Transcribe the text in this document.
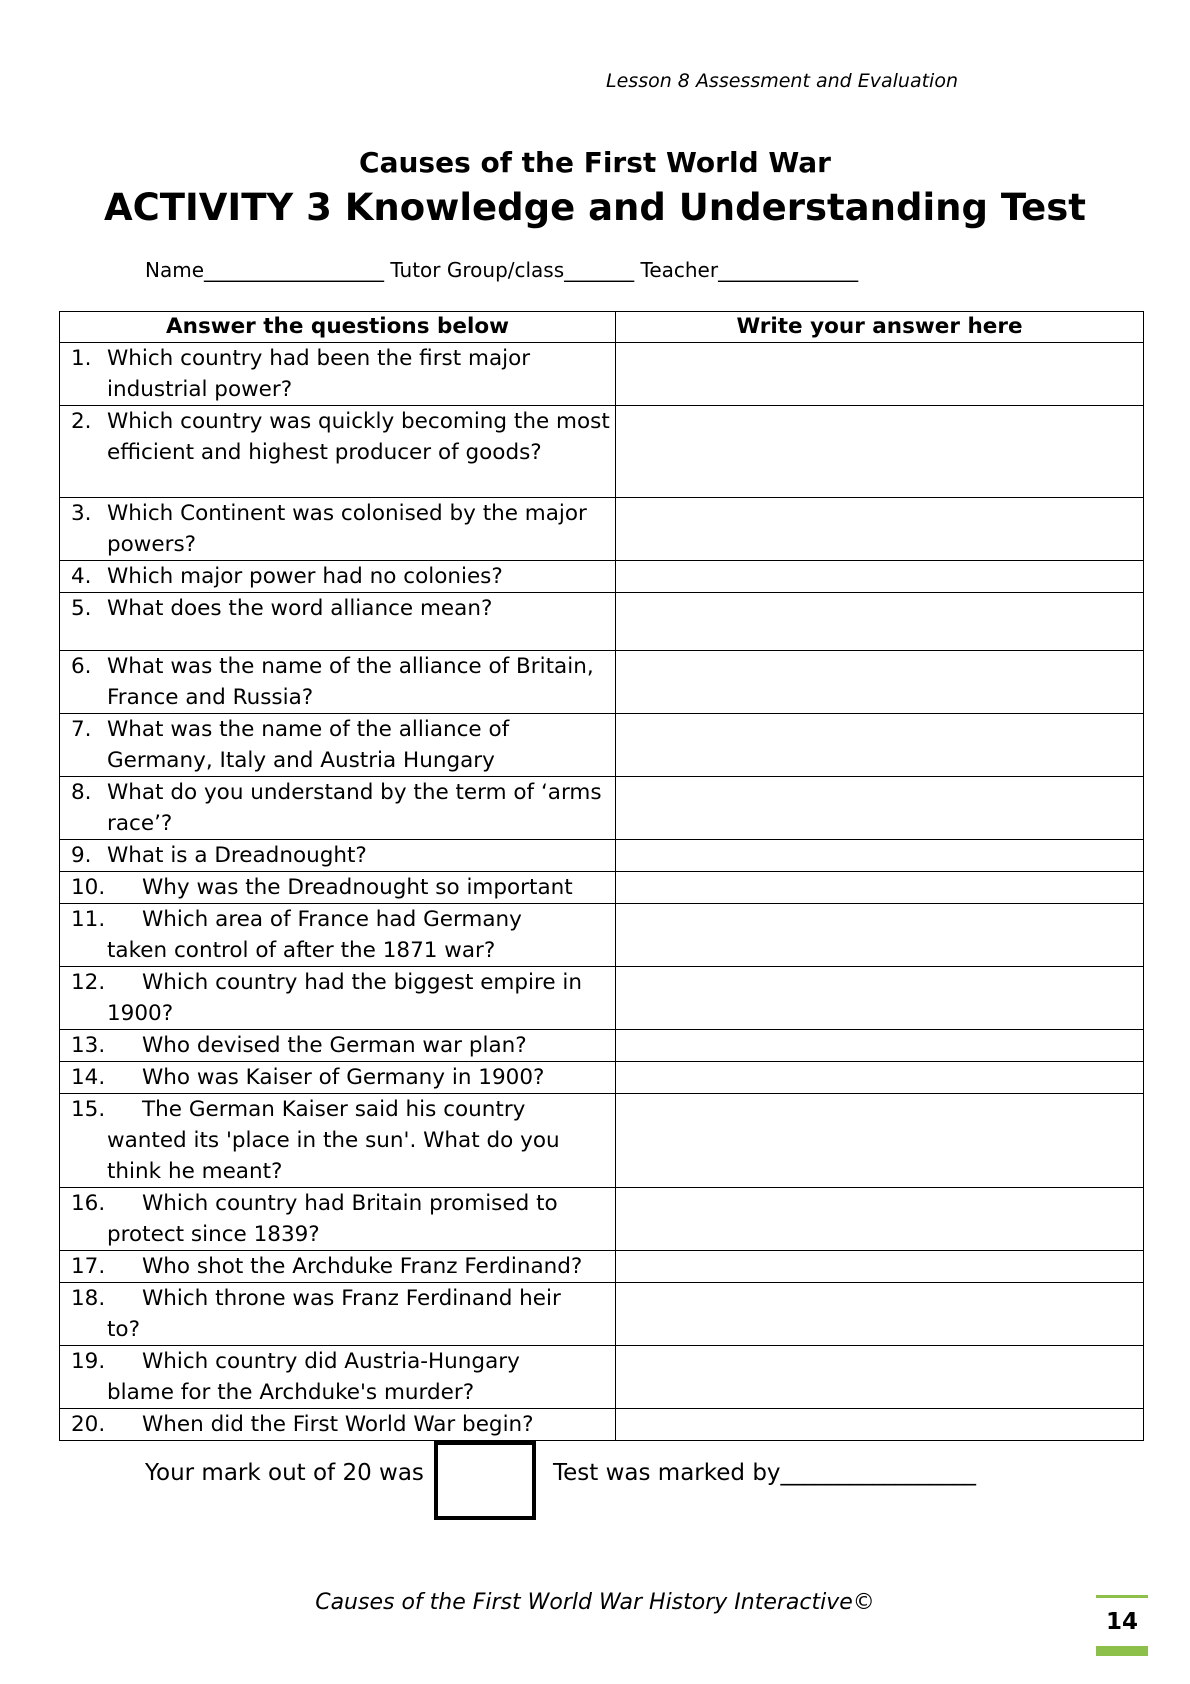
Lesson 8 Assessment and Evaluation
Causes of the First World War
ACTIVITY 3 Knowledge and Understanding Test
Name__________________ Tutor Group/class_______ Teacher______________
Answer the questions below	Write your answer here

1. Which country had been the first major industrial power?	

2. Which country was quickly becoming the most efficient and highest producer of goods?	

3. Which Continent was colonised by the major powers?	

4. Which major power had no colonies?	

5. What does the word alliance mean?	

6. What was the name of the alliance of Britain, France and Russia?	

7. What was the name of the alliance of Germany, Italy and Austria Hungary	

8. What do you understand by the term of ‘arms race’?	

9. What is a Dreadnought?	

10. Why was the Dreadnought so important	

11. Which area of France had Germany
taken control of after the 1871 war?	

12. Which country had the biggest empire in
1900?	

13. Who devised the German war plan?	

14. Who was Kaiser of Germany in 1900?	

15. The German Kaiser said his country
wanted its 'place in the sun'. What do you think he meant?	

16. Which country had Britain promised to
protect since 1839?	

17. Who shot the Archduke Franz Ferdinand?	

18. Which throne was Franz Ferdinand heir
to?	

19. Which country did Austria-Hungary
blame for the Archduke's murder?	

20. When did the First World War begin?	

Your mark out of 20 was	Test was marked by_________________
Causes of the First World War History Interactive©
14
